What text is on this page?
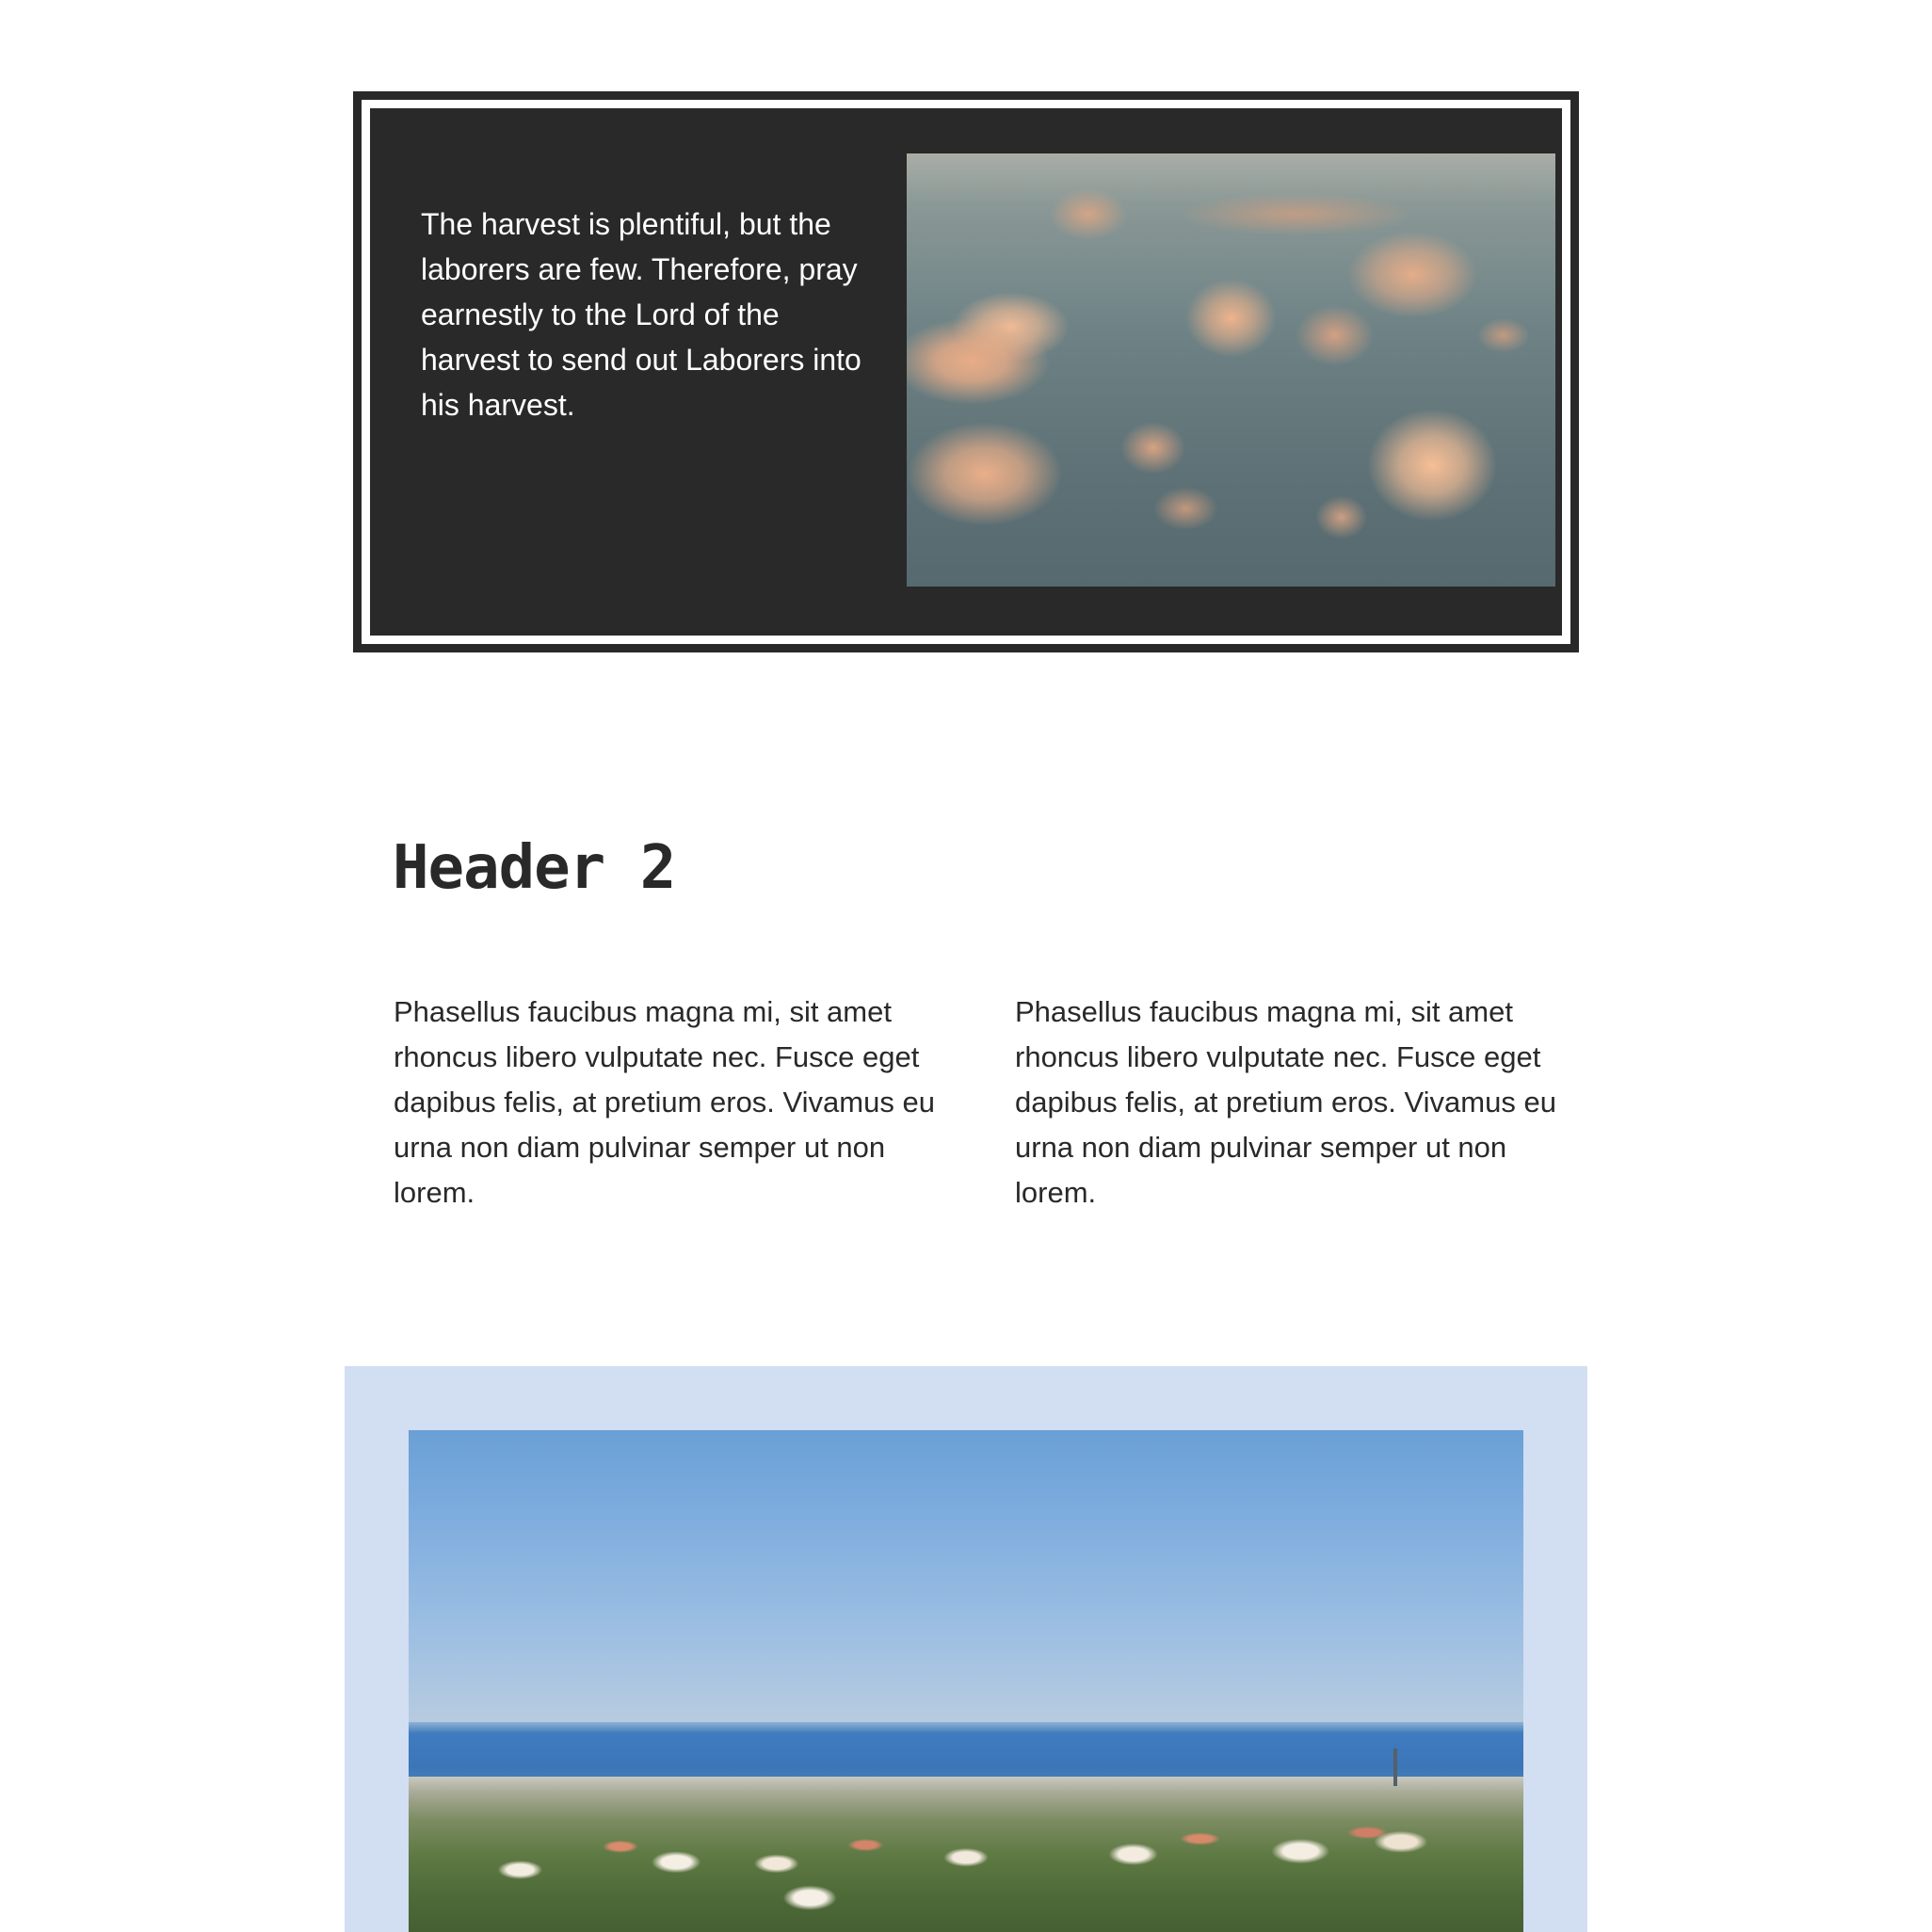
The harvest is plentiful, but the laborers are few. Therefore, pray earnestly to the Lord of the harvest to send out Laborers into his harvest.

Header 2

Phasellus faucibus magna mi, sit amet rhoncus libero vulputate nec. Fusce eget dapibus felis, at pretium eros. Vivamus eu urna non diam pulvinar semper ut non lorem.

Phasellus faucibus magna mi, sit amet rhoncus libero vulputate nec. Fusce eget dapibus felis, at pretium eros. Vivamus eu urna non diam pulvinar semper ut non lorem.
